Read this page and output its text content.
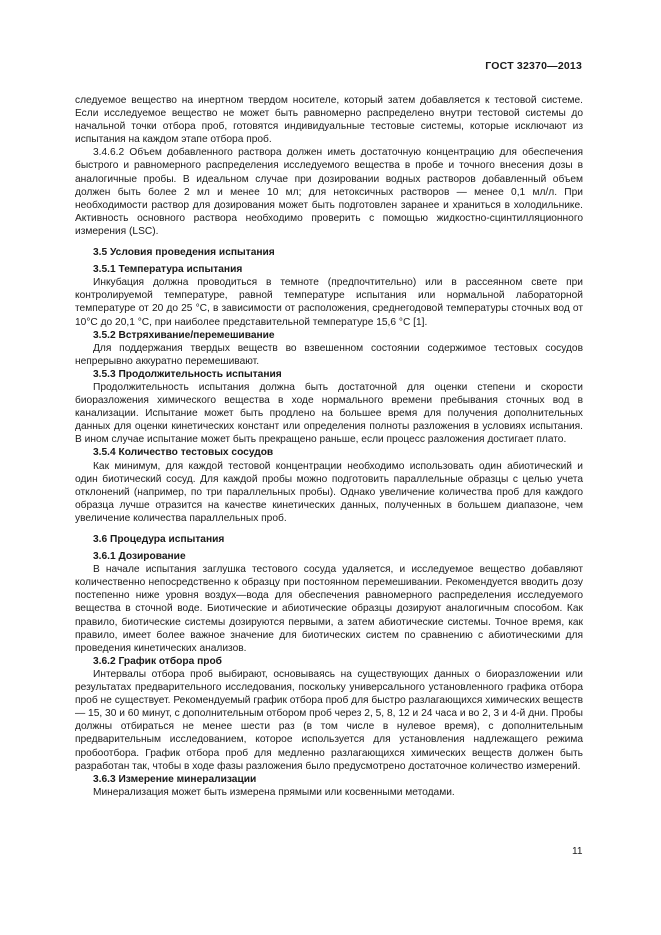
ГОСТ 32370—2013

следуемое вещество на инертном твердом носителе, который затем добавляется к тестовой системе. Если исследуемое вещество не может быть равномерно распределено внутри тестовой системы до начальной точки отбора проб, готовятся индивидуальные тестовые системы, которые исключают из испытания на каждом этапе отбора проб.

3.4.6.2 Объем добавленного раствора должен иметь достаточную концентрацию для обеспечения быстрого и равномерного распределения исследуемого вещества в пробе и точного внесения дозы в аналогичные пробы. В идеальном случае при дозировании водных растворов добавленный объем должен быть более 2 мл и менее 10 мл; для нетоксичных растворов — менее 0,1 мл/л. При необходимости раствор для дозирования может быть подготовлен заранее и храниться в холодильнике. Активность основного раствора необходимо проверить с помощью жидкостно-сцинтилляционного измерения (LSC).

3.5 Условия проведения испытания

3.5.1 Температура испытания

Инкубация должна проводиться в темноте (предпочтительно) или в рассеянном свете при контролируемой температуре, равной температуре испытания или нормальной лабораторной температуре от 20 до 25 °С, в зависимости от расположения, среднегодовой температуры сточных вод от 10°С до 20,1 °С, при наиболее представительной температуре 15,6 °С [1].

3.5.2 Встряхивание/перемешивание

Для поддержания твердых веществ во взвешенном состоянии содержимое тестовых сосудов непрерывно аккуратно перемешивают.

3.5.3 Продолжительность испытания

Продолжительность испытания должна быть достаточной для оценки степени и скорости биоразложения химического вещества в ходе нормального времени пребывания сточных вод в канализации. Испытание может быть продлено на большее время для получения дополнительных данных для оценки кинетических констант или определения полноты разложения в условиях испытания. В ином случае испытание может быть прекращено раньше, если процесс разложения достигает плато.

3.5.4 Количество тестовых сосудов

Как минимум, для каждой тестовой концентрации необходимо использовать один абиотический и один биотический сосуд. Для каждой пробы можно подготовить параллельные образцы с целью учета отклонений (например, по три параллельных пробы). Однако увеличение количества проб для каждого образца лучше отразится на качестве кинетических данных, полученных в большем диапазоне, чем увеличение количества параллельных проб.

3.6 Процедура испытания

3.6.1 Дозирование

В начале испытания заглушка тестового сосуда удаляется, и исследуемое вещество добавляют количественно непосредственно к образцу при постоянном перемешивании. Рекомендуется вводить дозу постепенно ниже уровня воздух—вода для обеспечения равномерного распределения исследуемого вещества в сточной воде. Биотические и абиотические образцы дозируют аналогичным способом. Как правило, биотические системы дозируются первыми, а затем абиотические системы. Точное время, как правило, имеет более важное значение для биотических систем по сравнению с абиотическими для проведения кинетических анализов.

3.6.2 График отбора проб

Интервалы отбора проб выбирают, основываясь на существующих данных о биоразложении или результатах предварительного исследования, поскольку универсального установленного графика отбора проб не существует. Рекомендуемый график отбора проб для быстро разлагающихся химических веществ — 15, 30 и 60 минут, с дополнительным отбором проб через 2, 5, 8, 12 и 24 часа и во 2, 3 и 4-й дни. Пробы должны отбираться не менее шести раз (в том числе в нулевое время), с дополнительным предварительным исследованием, которое используется для установления надлежащего режима пробоотбора. График отбора проб для медленно разлагающихся химических веществ должен быть разработан так, чтобы в ходе фазы разложения было предусмотрено достаточное количество измерений.

3.6.3 Измерение минерализации

Минерализация может быть измерена прямыми или косвенными методами.

11
